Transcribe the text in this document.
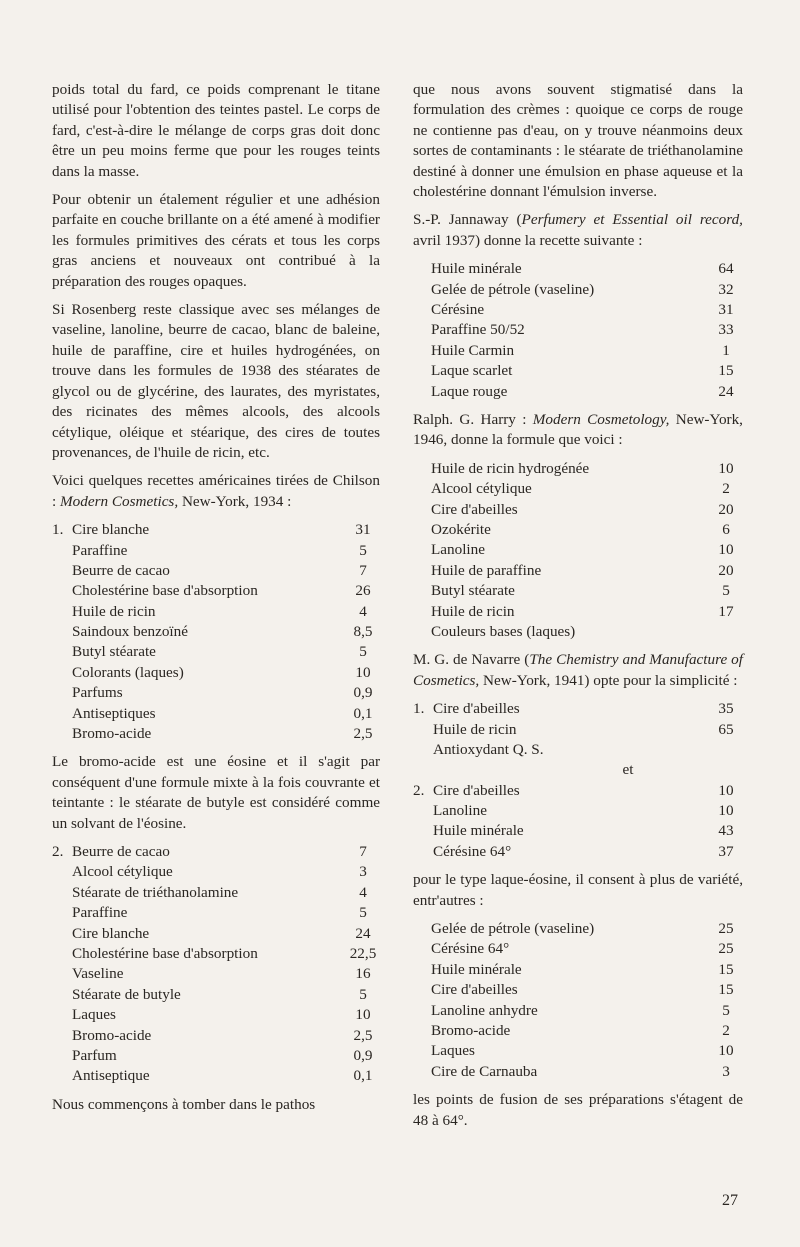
poids total du fard, ce poids comprenant le titane utilisé pour l'obtention des teintes pastel. Le corps de fard, c'est-à-dire le mélange de corps gras doit donc être un peu moins ferme que pour les rouges teints dans la masse.

Pour obtenir un étalement régulier et une adhésion parfaite en couche brillante on a été amené à modifier les formules primitives des cérats et tous les corps gras anciens et nouveaux ont contribué à la préparation des rouges opaques.

Si Rosenberg reste classique avec ses mélanges de vaseline, lanoline, beurre de cacao, blanc de baleine, huile de paraffine, cire et huiles hydrogénées, on trouve dans les formules de 1938 des stéarates de glycol ou de glycérine, des laurates, des myristates, des ricinates des mêmes alcools, des alcools cétylique, oléique et stéarique, des cires de toutes provenances, de l'huile de ricin, etc.

Voici quelques recettes américaines tirées de Chilson : Modern Cosmetics, New-York, 1934 :

1. Cire blanche	31
Paraffine	5
Beurre de cacao	7
Cholestérine base d'absorption	26
Huile de ricin	4
Saindoux benzoïné	8,5
Butyl stéarate	5
Colorants (laques)	10
Parfums	0,9
Antiseptiques	0,1
Bromo-acide	2,5

Le bromo-acide est une éosine et il s'agit par conséquent d'une formule mixte à la fois couvrante et teintante : le stéarate de butyle est considéré comme un solvant de l'éosine.

2. Beurre de cacao	7
Alcool cétylique	3
Stéarate de triéthanolamine	4
Paraffine	5
Cire blanche	24
Cholestérine base d'absorption	22,5
Vaseline	16
Stéarate de butyle	5
Laques	10
Bromo-acide	2,5
Parfum	0,9
Antiseptique	0,1

Nous commençons à tomber dans le pathos

que nous avons souvent stigmatisé dans la formulation des crèmes : quoique ce corps de rouge ne contienne pas d'eau, on y trouve néanmoins deux sortes de contaminants : le stéarate de triéthanolamine destiné à donner une émulsion en phase aqueuse et la cholestérine donnant l'émulsion inverse.

S.-P. Jannaway (Perfumery et Essential oil record, avril 1937) donne la recette suivante :

Huile minérale	64
Gelée de pétrole (vaseline)	32
Cérésine	31
Paraffine 50/52	33
Huile Carmin	1
Laque scarlet	15
Laque rouge	24

Ralph. G. Harry : Modern Cosmetology, New-York, 1946, donne la formule que voici :

Huile de ricin hydrogénée	10
Alcool cétylique	2
Cire d'abeilles	20
Ozokérite	6
Lanoline	10
Huile de paraffine	20
Butyl stéarate	5
Huile de ricin	17
Couleurs bases (laques)

M. G. de Navarre (The Chemistry and Manufacture of Cosmetics, New-York, 1941) opte pour la simplicité :

1. Cire d'abeilles	35
Huile de ricin	65
Antioxydant Q. S.
et
2. Cire d'abeilles	10
Lanoline	10
Huile minérale	43
Cérésine 64°	37

pour le type laque-éosine, il consent à plus de variété, entr'autres :

Gelée de pétrole (vaseline)	25
Cérésine 64°	25
Huile minérale	15
Cire d'abeilles	15
Lanoline anhydre	5
Bromo-acide	2
Laques	10
Cire de Carnauba	3

les points de fusion de ses préparations s'étagent de 48 à 64°.

27
